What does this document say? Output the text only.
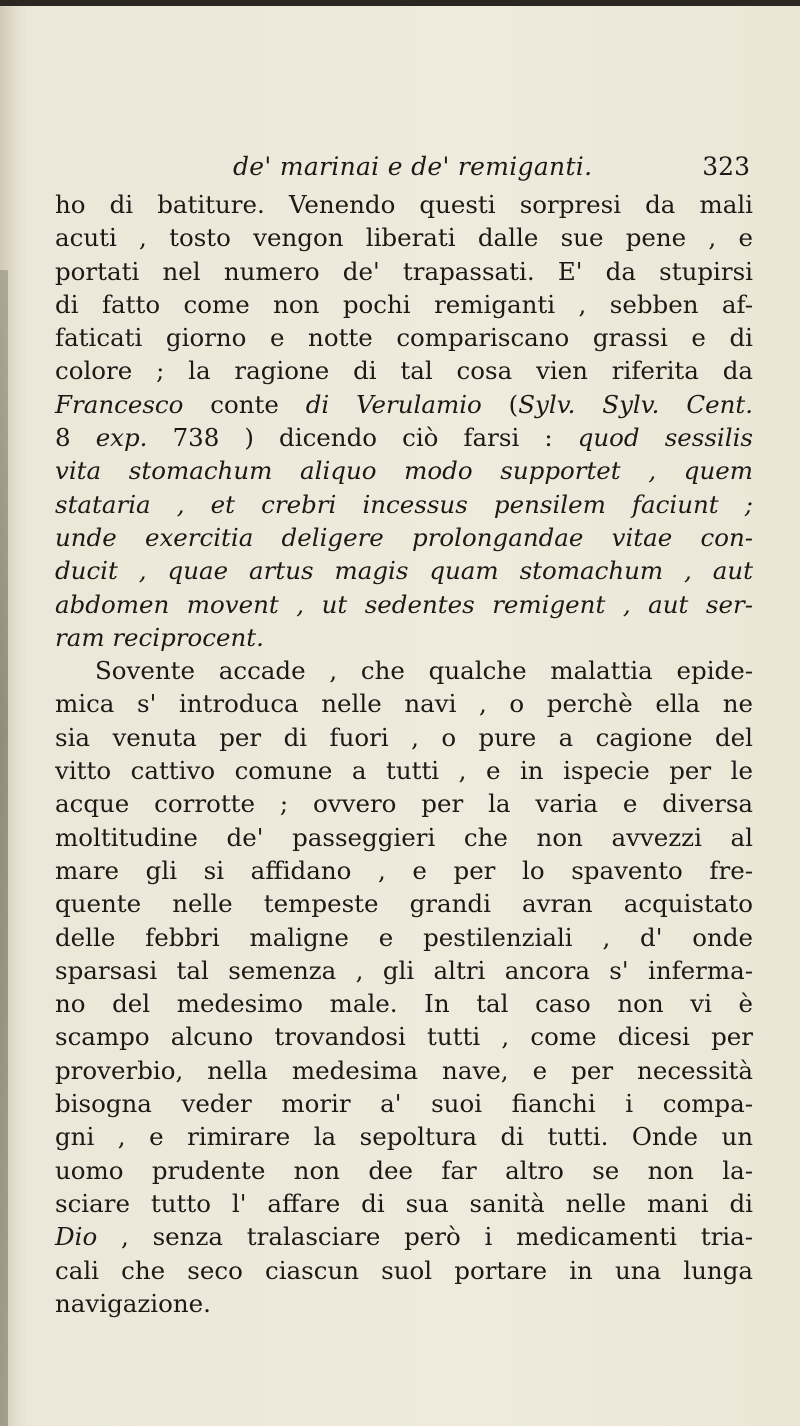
de' marinai e de' remiganti.	323
ho di batiture. Venendo questi sorpresi da mali
acuti , tosto vengon liberati dalle sue pene , e
portati nel numero de' trapassati. E' da stupirsi
di fatto come non pochi remiganti , sebben af-
faticati giorno e notte compariscano grassi e di
colore ; la ragione di tal cosa vien riferita da
Francesco conte di Verulamio (Sylv. Sylv. Cent.
8 exp. 738 ) dicendo ciò farsi : quod sessilis
vita stomachum aliquo modo supportet , quem
stataria , et crebri incessus pensilem faciunt ;
unde exercitia deligere prolongandae vitae con-
ducit , quae artus magis quam stomachum , aut
abdomen movent , ut sedentes remigent , aut ser-
ram reciprocent.
Sovente accade , che qualche malattia epide-
mica s' introduca nelle navi , o perchè ella ne
sia venuta per di fuori , o pure a cagione del
vitto cattivo comune a tutti , e in ispecie per le
acque corrotte ; ovvero per la varia e diversa
moltitudine de' passeggieri che non avvezzi al
mare gli si affidano , e per lo spavento fre-
quente nelle tempeste grandi avran acquistato
delle febbri maligne e pestilenziali , d' onde
sparsasi tal semenza , gli altri ancora s' inferma-
no del medesimo male. In tal caso non vi è
scampo alcuno trovandosi tutti , come dicesi per
proverbio, nella medesima nave, e per necessità
bisogna veder morir a' suoi fianchi i compa-
gni , e rimirare la sepoltura di tutti. Onde un
uomo prudente non dee far altro se non la-
sciare tutto l' affare di sua sanità nelle mani di
Dio , senza tralasciare però i medicamenti tria-
cali che seco ciascun suol portare in una lunga
navigazione.
